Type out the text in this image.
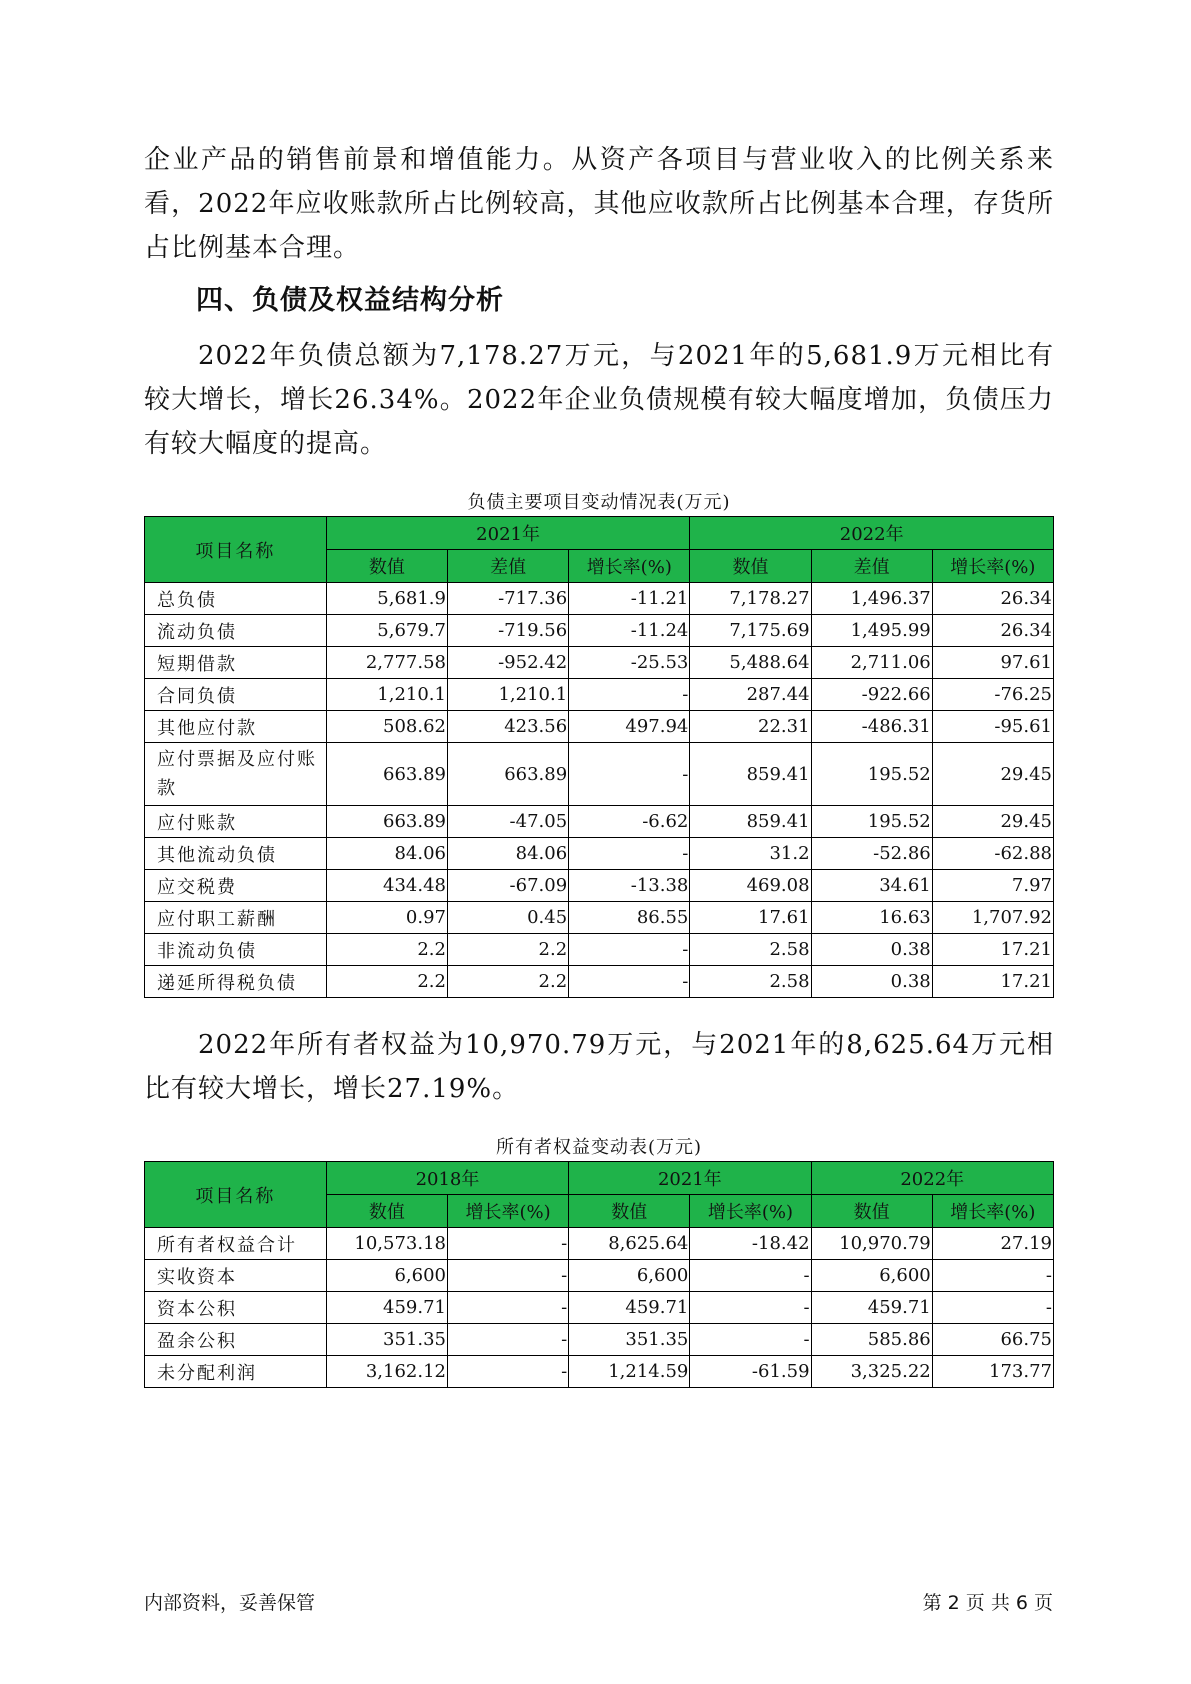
企业产品的销售前景和增值能力。从资产各项目与营业收入的比例关系来看，2022年应收账款所占比例较高，其他应收款所占比例基本合理，存货所占比例基本合理。
四、负债及权益结构分析
2022年负债总额为7,178.27万元，与2021年的5,681.9万元相比有较大增长，增长26.34%。2022年企业负债规模有较大幅度增加，负债压力有较大幅度的提高。
负债主要项目变动情况表(万元)
项目名称	2021年			2022年		
	数值	差值	增长率(%)	数值	差值	增长率(%)
总负债	5,681.9	-717.36	-11.21	7,178.27	1,496.37	26.34
流动负债	5,679.7	-719.56	-11.24	7,175.69	1,495.99	26.34
短期借款	2,777.58	-952.42	-25.53	5,488.64	2,711.06	97.61
合同负债	1,210.1	1,210.1	-	287.44	-922.66	-76.25
其他应付款	508.62	423.56	497.94	22.31	-486.31	-95.61
应付票据及应付账款	663.89	663.89	-	859.41	195.52	29.45
应付账款	663.89	-47.05	-6.62	859.41	195.52	29.45
其他流动负债	84.06	84.06	-	31.2	-52.86	-62.88
应交税费	434.48	-67.09	-13.38	469.08	34.61	7.97
应付职工薪酬	0.97	0.45	86.55	17.61	16.63	1,707.92
非流动负债	2.2	2.2	-	2.58	0.38	17.21
递延所得税负债	2.2	2.2	-	2.58	0.38	17.21
2022年所有者权益为10,970.79万元，与2021年的8,625.64万元相比有较大增长，增长27.19%。
所有者权益变动表(万元)
项目名称	2018年		2021年		2022年	
	数值	增长率(%)	数值	增长率(%)	数值	增长率(%)
所有者权益合计	10,573.18	-	8,625.64	-18.42	10,970.79	27.19
实收资本	6,600	-	6,600	-	6,600	-
资本公积	459.71	-	459.71	-	459.71	-
盈余公积	351.35	-	351.35	-	585.86	66.75
未分配利润	3,162.12	-	1,214.59	-61.59	3,325.22	173.77
内部资料，妥善保管	第 2 页 共 6 页
